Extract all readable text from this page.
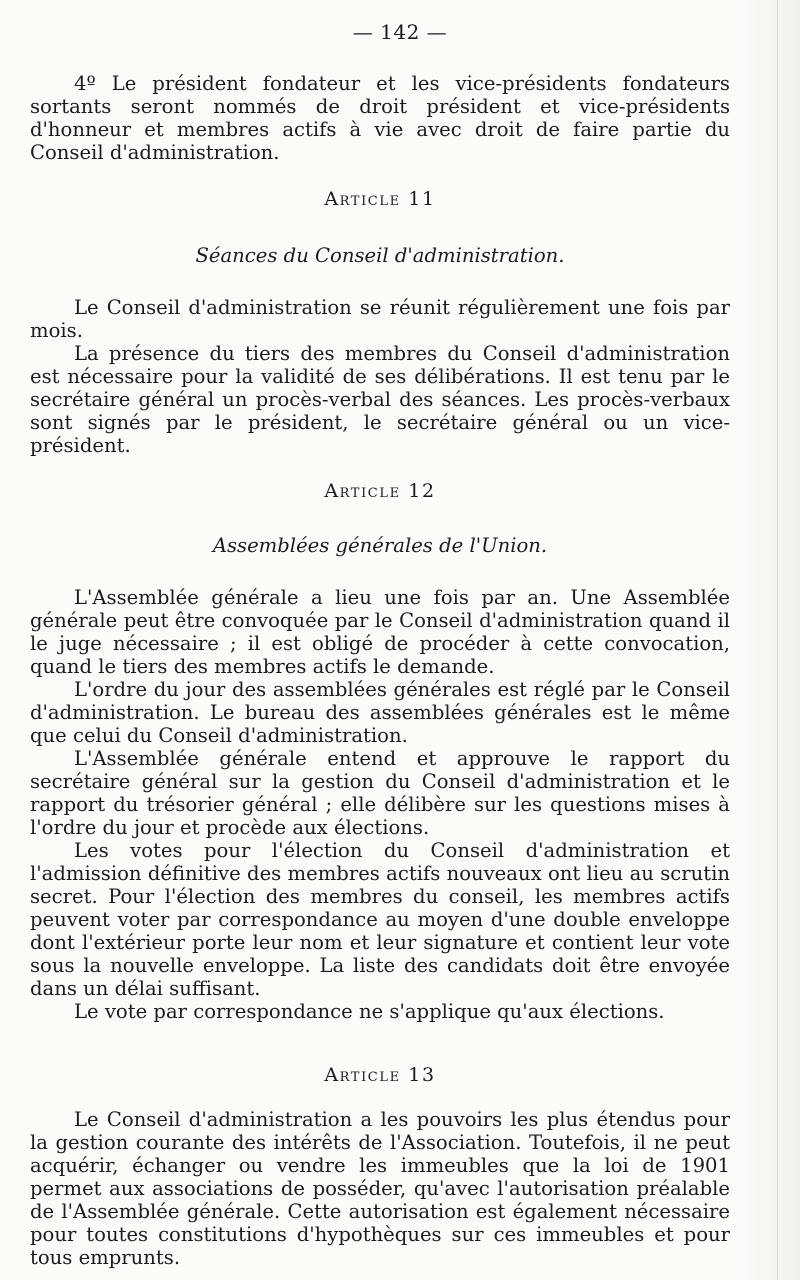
— 142 —

4º Le président fondateur et les vice-présidents fondateurs sortants seront nommés de droit président et vice-présidents d'honneur et membres actifs à vie avec droit de faire partie du Conseil d'administration.

Article 11
Séances du Conseil d'administration.

Le Conseil d'administration se réunit régulièrement une fois par mois.

La présence du tiers des membres du Conseil d'administration est nécessaire pour la validité de ses délibérations. Il est tenu par le secrétaire général un procès-verbal des séances. Les procès-verbaux sont signés par le président, le secrétaire général ou un vice-président.

Article 12
Assemblées générales de l'Union.

L'Assemblée générale a lieu une fois par an. Une Assemblée générale peut être convoquée par le Conseil d'administration quand il le juge nécessaire ; il est obligé de procéder à cette convocation, quand le tiers des membres actifs le demande.

L'ordre du jour des assemblées générales est réglé par le Conseil d'administration. Le bureau des assemblées générales est le même que celui du Conseil d'administration.

L'Assemblée générale entend et approuve le rapport du secrétaire général sur la gestion du Conseil d'administration et le rapport du trésorier général ; elle délibère sur les questions mises à l'ordre du jour et procède aux élections.

Les votes pour l'élection du Conseil d'administration et l'admission définitive des membres actifs nouveaux ont lieu au scrutin secret. Pour l'élection des membres du conseil, les membres actifs peuvent voter par correspondance au moyen d'une double enveloppe dont l'extérieur porte leur nom et leur signature et contient leur vote sous la nouvelle enveloppe. La liste des candidats doit être envoyée dans un délai suffisant.

Le vote par correspondance ne s'applique qu'aux élections.

Article 13

Le Conseil d'administration a les pouvoirs les plus étendus pour la gestion courante des intérêts de l'Association. Toutefois, il ne peut acquérir, échanger ou vendre les immeubles que la loi de 1901 permet aux associations de posséder, qu'avec l'autorisation préalable de l'Assemblée générale. Cette autorisation est également nécessaire pour toutes constitutions d'hypothèques sur ces immeubles et pour tous emprunts.
